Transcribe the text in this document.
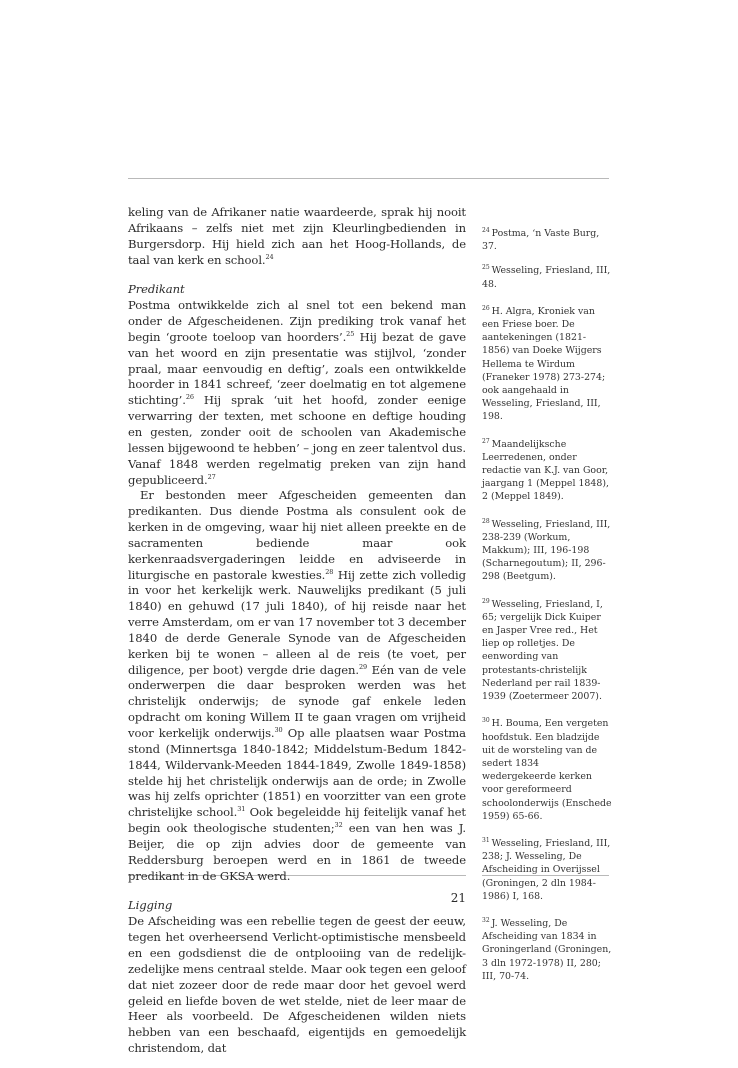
keling van de Afrikaner natie waardeerde, sprak hij nooit Afrikaans – zelfs niet met zijn Kleurlingbedienden in Burgersdorp. Hij hield zich aan het Hoog-Hollands, de taal van kerk en school.$^{24}$

Predikant

Postma ontwikkelde zich al snel tot een bekend man onder de Afgescheidenen. Zijn prediking trok vanaf het begin ‘groote toeloop van hoorders’.$^{25}$ Hij bezat de gave van het woord en zijn presentatie was stijlvol, ‘zonder praal, maar eenvoudig en deftig’, zoals een ontwikkelde hoorder in 1841 schreef, ‘zeer doelmatig en tot algemene stichting’.$^{26}$ Hij sprak ‘uit het hoofd, zonder eenige verwarring der texten, met schoone en deftige houding en gesten, zonder ooit de schoolen van Akademische lessen bijgewoond te hebben’ – jong en zeer talentvol dus. Vanaf 1848 werden regelmatig preken van zijn hand gepubliceerd.$^{27}$

Er bestonden meer Afgescheiden gemeenten dan predikanten. Dus diende Postma als consulent ook de kerken in de omgeving, waar hij niet alleen preekte en de sacramenten bediende maar ook kerkenraadsvergaderingen leidde en adviseerde in liturgische en pastorale kwesties.$^{28}$ Hij zette zich volledig in voor het kerkelijk werk. Nauwelijks predikant (5 juli 1840) en gehuwd (17 juli 1840), of hij reisde naar het verre Amsterdam, om er van 17 november tot 3 december 1840 de derde Generale Synode van de Afgescheiden kerken bij te wonen – alleen al de reis (te voet, per diligence, per boot) vergde drie dagen.$^{29}$ Eén van de vele onderwerpen die daar besproken werden was het christelijk onderwijs; de synode gaf enkele leden opdracht om koning Willem II te gaan vragen om vrijheid voor kerkelijk onderwijs.$^{30}$ Op alle plaatsen waar Postma stond (Minnertsga 1840-1842; Middelstum-Bedum 1842-1844, Wildervank-Meeden 1844-1849, Zwolle 1849-1858) stelde hij het christelijk onderwijs aan de orde; in Zwolle was hij zelfs oprichter (1851) en voorzitter van een grote christelijke school.$^{31}$ Ook begeleidde hij feitelijk vanaf het begin ook theologische studenten;$^{32}$ een van hen was J. Beijer, die op zijn advies door de gemeente van Reddersburg beroepen werd en in 1861 de tweede predikant in de GKSA werd.

Ligging

De Afscheiding was een rebellie tegen de geest der eeuw, tegen het overheersend Verlicht-optimistische mensbeeld en een godsdienst die de ontplooiing van de redelijk-zedelijke mens centraal stelde. Maar ook tegen een geloof dat niet zozeer door de rede maar door het gevoel werd geleid en liefde boven de wet stelde, niet de leer maar de Heer als voorbeeld. De Afgescheidenen wilden niets hebben van een beschaafd, eigentijds en gemoedelijk christendom, dat

$^{24}$ Postma, ‘n Vaste Burg, 37.

$^{25}$ Wesseling, Friesland, III, 48.

$^{26}$ H. Algra, Kroniek van een Friese boer. De aantekeningen (1821-1856) van Doeke Wijgers Hellema te Wirdum (Franeker 1978) 273-274; ook aangehaald in Wesseling, Friesland, III, 198.

$^{27}$ Maandelijksche Leerredenen, onder redactie van K.J. van Goor, jaargang 1 (Meppel 1848), 2 (Meppel 1849).

$^{28}$ Wesseling, Friesland, III, 238-239 (Workum, Makkum); III, 196-198 (Scharnegoutum); II, 296-298 (Beetgum).

$^{29}$ Wesseling, Friesland, I, 65; vergelijk Dick Kuiper en Jasper Vree red., Het liep op rolletjes. De eenwording van protestants-christelijk Nederland per rail 1839-1939 (Zoetermeer 2007).

$^{30}$ H. Bouma, Een vergeten hoofdstuk. Een bladzijde uit de worsteling van de sedert 1834 wedergekeerde kerken voor gereformeerd schoolonderwijs (Enschede 1959) 65-66.

$^{31}$ Wesseling, Friesland, III, 238; J. Wesseling, De Afscheiding in Overijssel (Groningen, 2 dln 1984-1986) I, 168.

$^{32}$ J. Wesseling, De Afscheiding van 1834 in Groningerland (Groningen, 3 dln 1972-1978) II, 280; III, 70-74.

21
